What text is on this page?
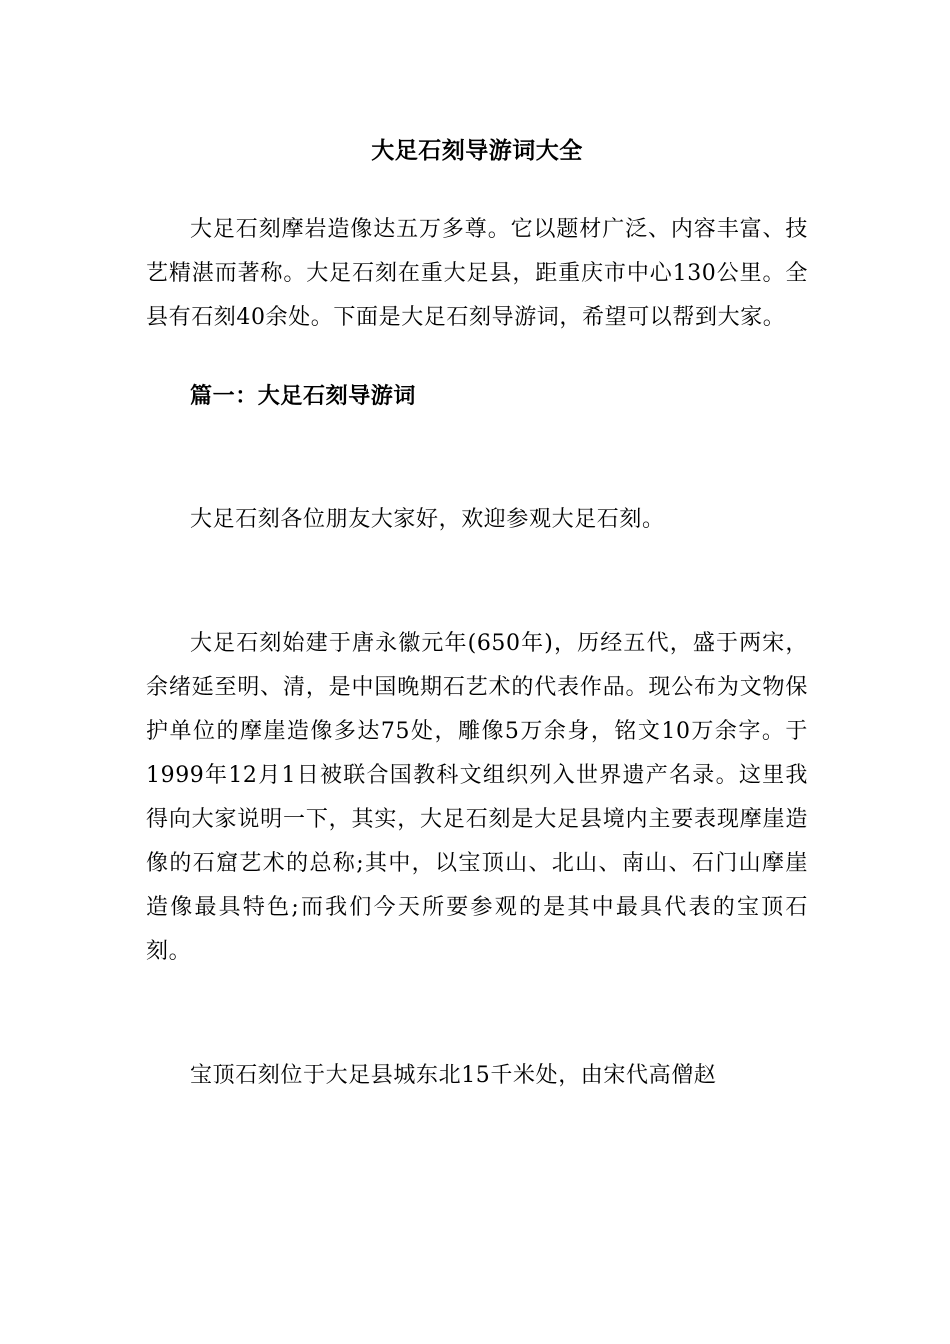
大足石刻导游词大全

大足石刻摩岩造像达五万多尊。它以题材广泛、内容丰富、技艺精湛而著称。大足石刻在重大足县，距重庆市中心130公里。全县有石刻40余处。下面是大足石刻导游词，希望可以帮到大家。

篇一：大足石刻导游词

大足石刻各位朋友大家好，欢迎参观大足石刻。

大足石刻始建于唐永徽元年(650年)，历经五代，盛于两宋，余绪延至明、清，是中国晚期石艺术的代表作品。现公布为文物保护单位的摩崖造像多达75处，雕像5万余身，铭文10万余字。于1999年12月1日被联合国教科文组织列入世界遗产名录。这里我得向大家说明一下，其实，大足石刻是大足县境内主要表现摩崖造像的石窟艺术的总称;其中，以宝顶山、北山、南山、石门山摩崖造像最具特色;而我们今天所要参观的是其中最具代表的宝顶石刻。

宝顶石刻位于大足县城东北15千米处，由宋代高僧赵
